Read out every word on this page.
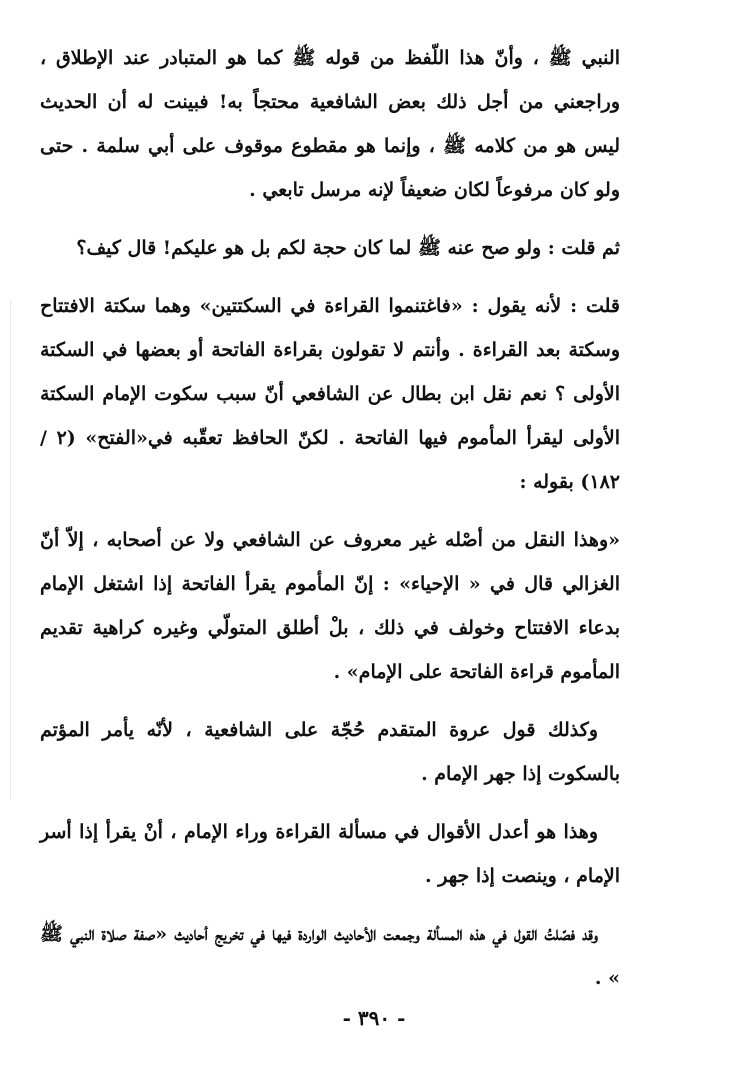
النبي ﷺ ، وأنّ هذا اللّفظ من قوله ﷺ كما هو المتبادر عند الإطلاق ، وراجعني من أجل ذلك بعض الشافعية محتجاً به! فبينت له أن الحديث ليس هو من كلامه ﷺ ، وإنما هو مقطوع موقوف على أبي سلمة . حتى ولو كان مرفوعاً لكان ضعيفاً لإنه مرسل تابعي .

ثم قلت : ولو صح عنه ﷺ لما كان حجة لكم بل هو عليكم! قال كيف؟

قلت : لأنه يقول : «فاغتنموا القراءة في السكتتين» وهما سكتة الافتتاح وسكتة بعد القراءة . وأنتم لا تقولون بقراءة الفاتحة أو بعضها في السكتة الأولى ؟ نعم نقل ابن بطال عن الشافعي أنّ سبب سكوت الإمام السكتة الأولى ليقرأ المأموم فيها الفاتحة . لكنّ الحافظ تعقّبه في«الفتح» (٢ / ١٨٢) بقوله :

«وهذا النقل من أصْله غير معروف عن الشافعي ولا عن أصحابه ، إلاّ أنّ الغزالي قال في « الإحياء» : إنّ المأموم يقرأ الفاتحة إذا اشتغل الإمام بدعاء الافتتاح وخولف في ذلك ، بلْ أطلق المتولّي وغيره كراهية تقديم المأموم قراءة الفاتحة على الإمام» .

وكذلك قول عروة المتقدم حُجّة على الشافعية ، لأنّه يأمر المؤتم بالسكوت إذا جهر الإمام .

وهذا هو أعدل الأقوال في مسألة القراءة وراء الإمام ، أنْ يقرأ إذا أسر الإمام ، وينصت إذا جهر .

وقد فصّلتُ القول في هذه المسألة وجمعت الأحاديث الواردة فيها في تخريج أحاديث «صفة صلاة النبي ﷺ » .

- ٣٩٠ -
